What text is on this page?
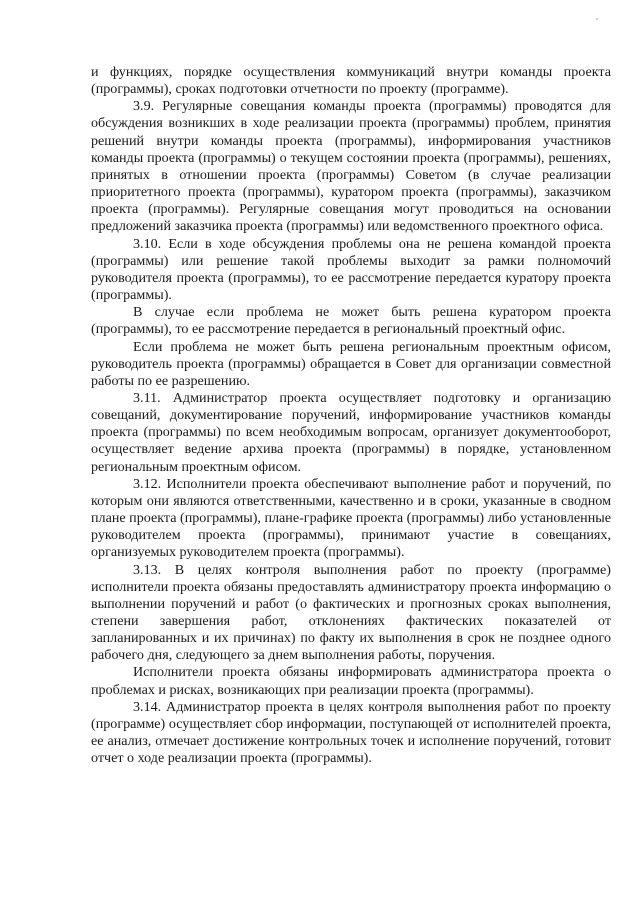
и функциях, порядке осуществления коммуникаций внутри команды проекта (программы), сроках подготовки отчетности по проекту (программе).

3.9. Регулярные совещания команды проекта (программы) проводятся для обсуждения возникших в ходе реализации проекта (программы) проблем, принятия решений внутри команды проекта (программы), информирования участников команды проекта (программы) о текущем состоянии проекта (программы), решениях, принятых в отношении проекта (программы) Советом (в случае реализации приоритетного проекта (программы), куратором проекта (программы), заказчиком проекта (программы). Регулярные совещания могут проводиться на основании предложений заказчика проекта (программы) или ведомственного проектного офиса.

3.10. Если в ходе обсуждения проблемы она не решена командой проекта (программы) или решение такой проблемы выходит за рамки полномочий руководителя проекта (программы), то ее рассмотрение передается куратору проекта (программы).

В случае если проблема не может быть решена куратором проекта (программы), то ее рассмотрение передается в региональный проектный офис.

Если проблема не может быть решена региональным проектным офисом, руководитель проекта (программы) обращается в Совет для организации совместной работы по ее разрешению.

3.11. Администратор проекта осуществляет подготовку и организацию совещаний, документирование поручений, информирование участников команды проекта (программы) по всем необходимым вопросам, организует документооборот, осуществляет ведение архива проекта (программы) в порядке, установленном региональным проектным офисом.

3.12. Исполнители проекта обеспечивают выполнение работ и поручений, по которым они являются ответственными, качественно и в сроки, указанные в сводном плане проекта (программы), плане-графике проекта (программы) либо установленные руководителем проекта (программы), принимают участие в совещаниях, организуемых руководителем проекта (программы).

3.13. В целях контроля выполнения работ по проекту (программе) исполнители проекта обязаны предоставлять администратору проекта информацию о выполнении поручений и работ (о фактических и прогнозных сроках выполнения, степени завершения работ, отклонениях фактических показателей от запланированных и их причинах) по факту их выполнения в срок не позднее одного рабочего дня, следующего за днем выполнения работы, поручения.

Исполнители проекта обязаны информировать администратора проекта о проблемах и рисках, возникающих при реализации проекта (программы).

3.14. Администратор проекта в целях контроля выполнения работ по проекту (программе) осуществляет сбор информации, поступающей от исполнителей проекта, ее анализ, отмечает достижение контрольных точек и исполнение поручений, готовит отчет о ходе реализации проекта (программы).
